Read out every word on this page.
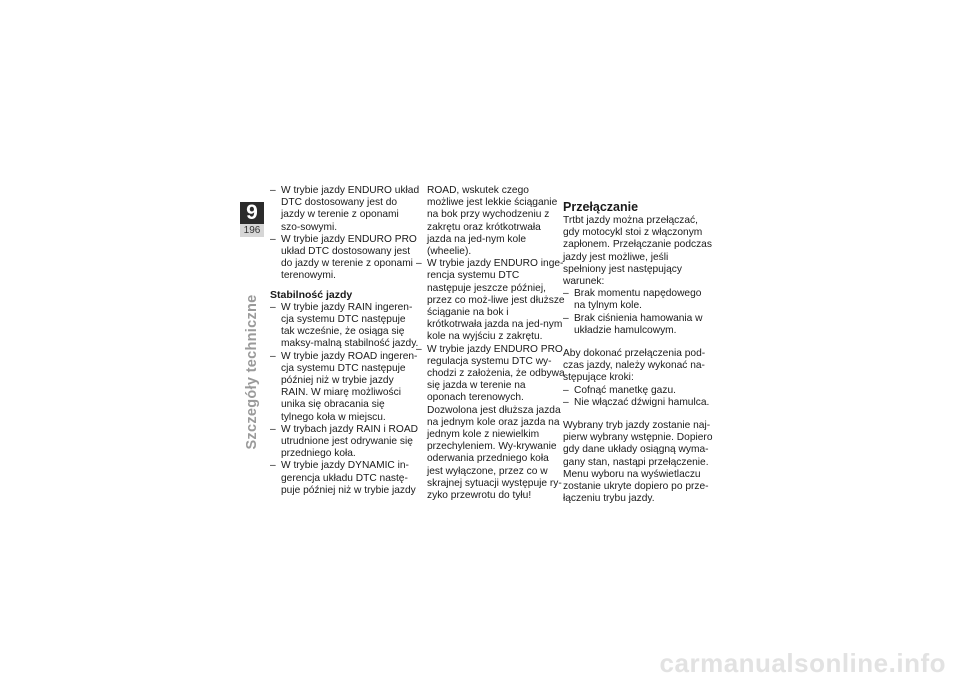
9
196
Szczegóły techniczne
– W trybie jazdy ENDURO układ DTC dostosowany jest do jazdy w terenie z oponami szo-sowymi.
– W trybie jazdy ENDURO PRO układ DTC dostosowany jest do jazdy w terenie z oponami terenowymi.
Stabilność jazdy
– W trybie jazdy RAIN ingeren-cja systemu DTC następuje tak wcześnie, że osiąga się maksy-malną stabilność jazdy.
– W trybie jazdy ROAD ingeren-cja systemu DTC następuje później niż w trybie jazdy RAIN. W miarę możliwości unika się obracania się tylnego koła w miejscu.
– W trybach jazdy RAIN i ROAD utrudnione jest odrywanie się przedniego koła.
– W trybie jazdy DYNAMIC in-gerencja układu DTC nastę-puje później niż w trybie jazdy

ROAD, wskutek czego możliwe jest lekkie ściąganie na bok przy wychodzeniu z zakrętu oraz krótkotrwała jazda na jed-nym kole (wheelie).

– W trybie jazdy ENDURO inge-rencja systemu DTC następuje jeszcze później, przez co moż-liwe jest dłuższe ściąganie na bok i krótkotrwała jazda na jed-nym kole na wyjściu z zakrętu.
– W trybie jazdy ENDURO PRO regulacja systemu DTC wy-chodzi z założenia, że odbywa się jazda w terenie na oponach terenowych. Dozwolona jest dłuższa jazda na jednym kole oraz jazda na jednym kole z niewielkim przechyleniem. Wy-krywanie oderwania przedniego koła jest wyłączone, przez co w skrajnej sytuacji występuje ry-zyko przewrotu do tyłu!
Przełączanie

Trtbt jazdy można przełączać, gdy motocykl stoi z włączonym zapłonem. Przełączanie podczas jazdy jest możliwe, jeśli spełniony jest następujący warunek:

– Brak momentu napędowego na tylnym kole.
– Brak ciśnienia hamowania w układzie hamulcowym.

Aby dokonać przełączenia pod-czas jazdy, należy wykonać na-stępujące kroki:

– Cofnąć manetkę gazu.
– Nie włączać dźwigni hamulca.

Wybrany tryb jazdy zostanie naj-pierw wybrany wstępnie. Dopiero gdy dane układy osiągną wyma-gany stan, nastąpi przełączenie. Menu wyboru na wyświetlaczu zostanie ukryte dopiero po prze-łączeniu trybu jazdy.

carmanualsonline.info
